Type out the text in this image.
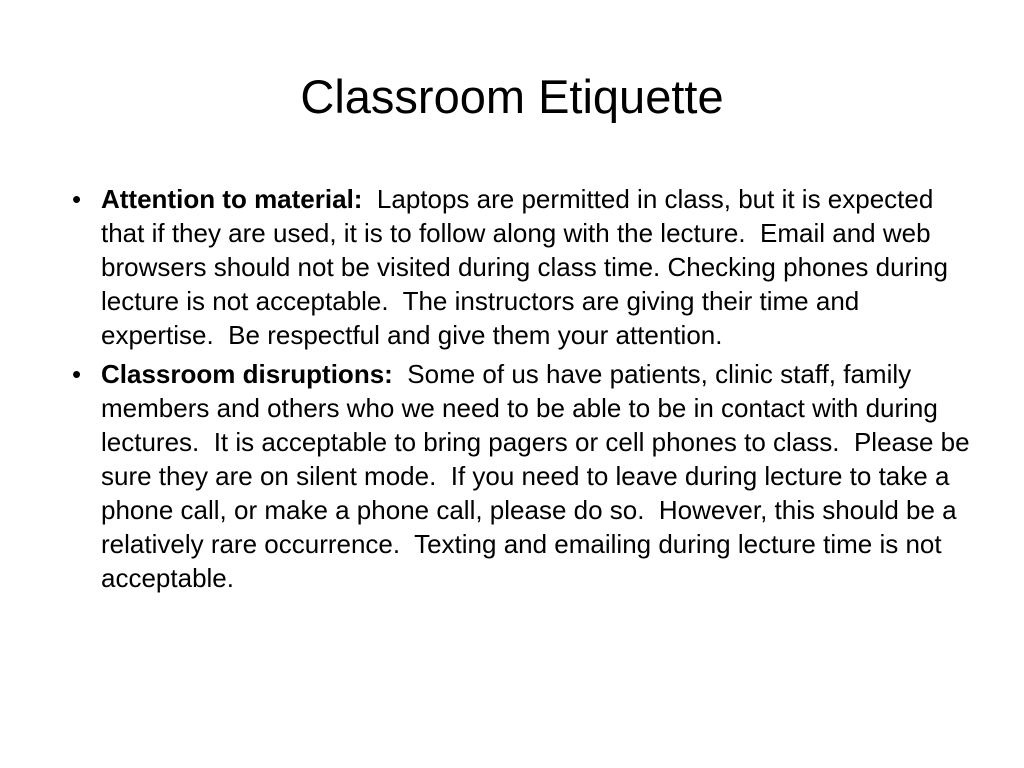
Classroom Etiquette
• Attention to material:  Laptops are permitted in class, but it is expected that if they are used, it is to follow along with the lecture.  Email and web browsers should not be visited during class time. Checking phones during lecture is not acceptable.  The instructors are giving their time and expertise.  Be respectful and give them your attention.
• Classroom disruptions:  Some of us have patients, clinic staff, family members and others who we need to be able to be in contact with during lectures.  It is acceptable to bring pagers or cell phones to class.  Please be sure they are on silent mode.  If you need to leave during lecture to take a phone call, or make a phone call, please do so.  However, this should be a relatively rare occurrence.  Texting and emailing during lecture time is not acceptable.
